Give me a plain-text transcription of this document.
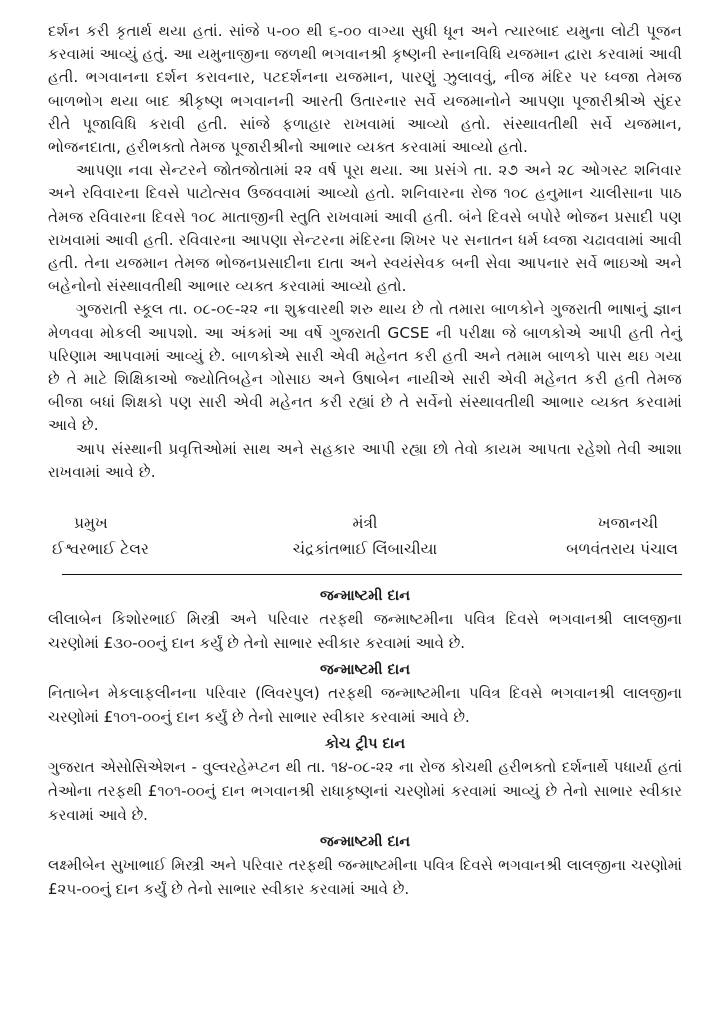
દર્શન કરી કૃતાર્થ થયા હતાં. સાંજે ૫-૦૦ થી ૬-૦૦ વાગ્યા સુધી ધૂન અને ત્યારબાદ યમુના લોટી પૂજન કરવામાં આવ્યું હતું. આ યમુનાજીના જળથી ભગવાનશ્રી કૃષ્ણની સ્નાનવિધિ યજમાન દ્વારા કરવામાં આવી હતી. ભગવાનના દર્શન કરાવનાર, પટદર્શનના યજમાન, પારણું ઝુલાવવું, નીજ મંદિર પર ધ્વજા તેમજ બાળભોગ થયા બાદ શ્રીકૃષ્ણ ભગવાનની આરતી ઉતારનાર સર્વે યજમાનોને આપણા પૂજારીશ્રીએ સુંદર રીતે પૂજાવિધિ કરાવી હતી. સાંજે ફળાહાર રાખવામાં આવ્યો હતો. સંસ્થાવતીથી સર્વે યજમાન, ભોજનદાતા, હરીભક્તો તેમજ પૂજારીશ્રીનો આભાર વ્યક્ત કરવામાં આવ્યો હતો.

આપણા નવા સેન્ટરને જોતજોતામાં ૨૨ વર્ષ પૂરા થયા. આ પ્રસંગે તા. ૨૭ અને ૨૮ ઓગસ્ટ શનિવાર અને રવિવારના દિવસે પાટોત્સવ ઉજવવામાં આવ્યો હતો. શનિવારના રોજ ૧૦૮ હનુમાન ચાલીસાના પાઠ તેમજ રવિવારના દિવસે ૧૦૮ માતાજીની સ્તુતિ રાખવામાં આવી હતી. બંને દિવસે બપોરે ભોજન પ્રસાદી પણ રાખવામાં આવી હતી. રવિવારના આપણા સેન્ટરના મંદિરના શિખર પર સનાતન ધર્મ ધ્વજા ચઢાવવામાં આવી હતી. તેના યજમાન તેમજ ભોજનપ્રસાદીના દાતા અને સ્વયંસેવક બની સેવા આપનાર સર્વે ભાઇઓ અને બહેનોનો સંસ્થાવતીથી આભાર વ્યક્ત કરવામાં આવ્યો હતો.

ગુજરાતી સ્કૂલ તા. ૦૮-૦૯-૨૨ ના શુક્રવારથી શરુ થાય છે તો તમારા બાળકોને ગુજરાતી ભાષાનું જ્ઞાન મેળવવા મોકલી આપશો. આ અંકમાં આ વર્ષે ગુજરાતી GCSE ની પરીક્ષા જે બાળકોએ આપી હતી તેનું પરિણામ આપવામાં આવ્યું છે. બાળકોએ સારી એવી મહેનત કરી હતી અને તમામ બાળકો પાસ થઇ ગયા છે તે માટે શિક્ષિકાઓ જ્યોતિબહેન ગોસાઇ અને ઉષાબેન નાયીએ સારી એવી મહેનત કરી હતી તેમજ બીજા બધાં શિક્ષકો પણ સારી એવી મહેનત કરી રહ્યાં છે તે સર્વેનો સંસ્થાવતીથી આભાર વ્યક્ત કરવામાં આવે છે.

આપ સંસ્થાની પ્રવૃત્તિઓમાં સાથ અને સહકાર આપી રહ્યા છો તેવો કાયમ આપતા રહેશો તેવી આશા રાખવામાં આવે છે.

પ્રમુખ
ઈશ્વરભાઈ ટેલર
મંત્રી
ચંદ્રકાંતભાઈ લિંબાચીયા
ખજાનચી
બળવંતરાય પંચાલ
જન્માષ્ટમી દાન

લીલાબેન કિશોરભાઈ મિસ્ત્રી અને પરિવાર તરફથી જન્માષ્ટમીના પવિત્ર દિવસે ભગવાનશ્રી લાલજીના ચરણોમાં £૩૦-૦૦નું દાન કર્યું છે તેનો સાભાર સ્વીકાર કરવામાં આવે છે.

જન્માષ્ટમી દાન

નિતાબેન મેકલાફલીનના પરિવાર (લિવરપુલ) તરફથી જન્માષ્ટમીના પવિત્ર દિવસે ભગવાનશ્રી લાલજીના ચરણોમાં £૧૦૧-૦૦નું દાન કર્યું છે તેનો સાભાર સ્વીકાર કરવામાં આવે છે.

કોચ ટ્રીપ દાન

ગુજરાત એસોસિએશન - વુલ્વરહેમ્પ્ટન થી તા. ૧૪-૦૮-૨૨ ના રોજ કોચથી હરીભક્તો દર્શનાર્થે પધાર્યા હતાં તેઓના તરફથી £૧૦૧-૦૦નું દાન ભગવાનશ્રી રાધાકૃષ્ણનાં ચરણોમાં કરવામાં આવ્યું છે તેનો સાભાર સ્વીકાર કરવામાં આવે છે.

જન્માષ્ટમી દાન

લક્ષ્મીબેન સુખાભાઈ મિસ્ત્રી અને પરિવાર તરફથી જન્માષ્ટમીના પવિત્ર દિવસે ભગવાનશ્રી લાલજીના ચરણોમાં £૨૫-૦૦નું દાન કર્યું છે તેનો સાભાર સ્વીકાર કરવામાં આવે છે.
